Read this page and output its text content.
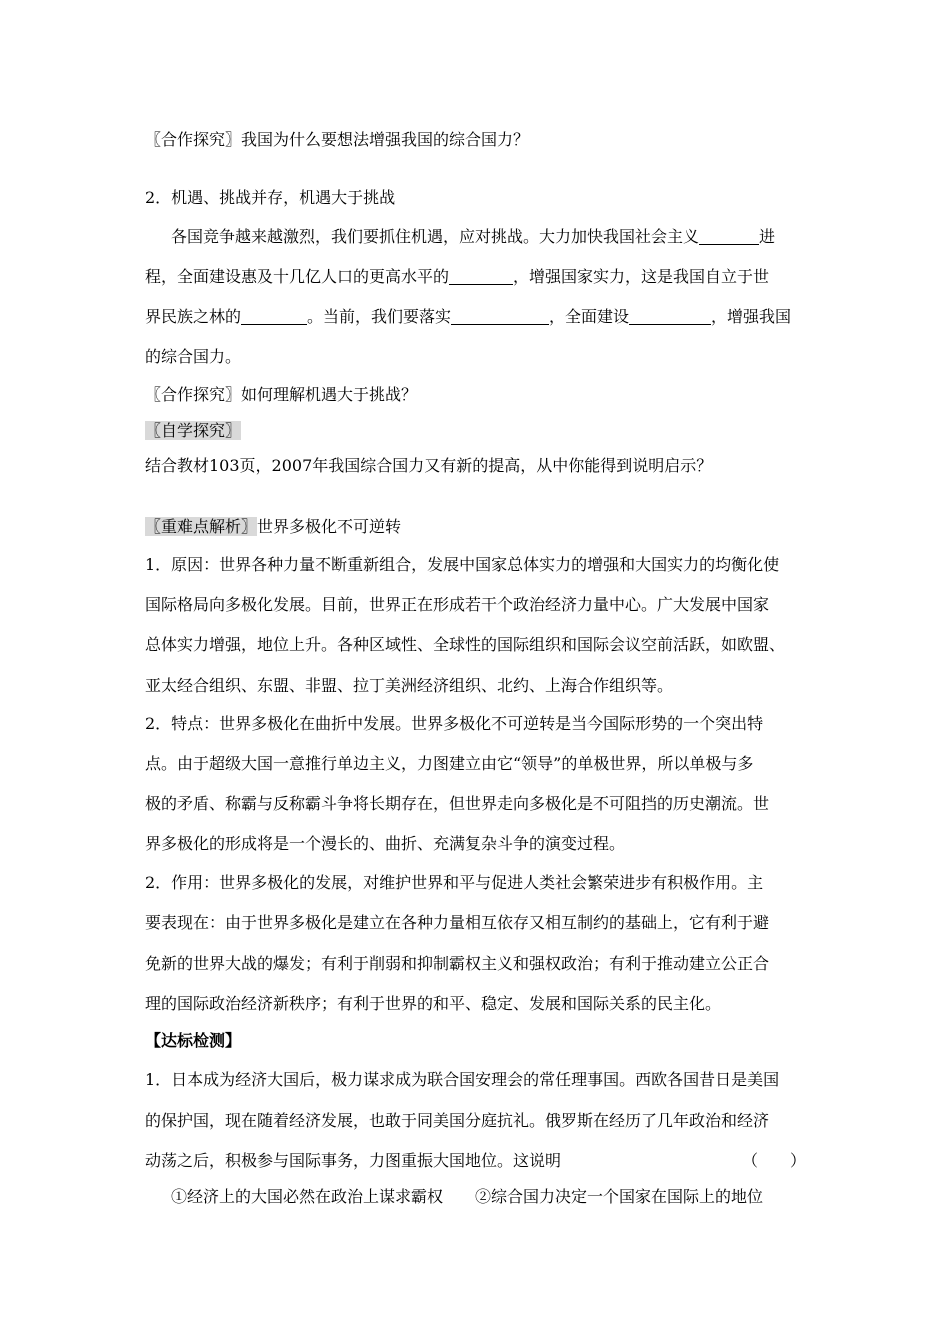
〖合作探究〗我国为什么要想法增强我国的综合国力？
2．机遇、挑战并存，机遇大于挑战
各国竞争越来越激烈，我们要抓住机遇，应对挑战。大力加快我国社会主义	进
程，全面建设惠及十几亿人口的更高水平的	，增强国家实力，这是我国自立于世
界民族之林的	。当前，我们要落实	，全面建设	，增强我国
的综合国力。
〖合作探究〗如何理解机遇大于挑战？
〖自学探究〗
结合教材103页，2007年我国综合国力又有新的提高，从中你能得到说明启示？
〖重难点解析〗世界多极化不可逆转
1．原因：世界各种力量不断重新组合，发展中国家总体实力的增强和大国实力的均衡化使
国际格局向多极化发展。目前，世界正在形成若干个政治经济力量中心。广大发展中国家
总体实力增强，地位上升。各种区域性、全球性的国际组织和国际会议空前活跃，如欧盟、
亚太经合组织、东盟、非盟、拉丁美洲经济组织、北约、上海合作组织等。
2．特点：世界多极化在曲折中发展。世界多极化不可逆转是当今国际形势的一个突出特
点。由于超级大国一意推行单边主义，力图建立由它“领导”的单极世界，所以单极与多
极的矛盾、称霸与反称霸斗争将长期存在，但世界走向多极化是不可阻挡的历史潮流。世
界多极化的形成将是一个漫长的、曲折、充满复杂斗争的演变过程。
2．作用：世界多极化的发展，对维护世界和平与促进人类社会繁荣进步有积极作用。主
要表现在：由于世界多极化是建立在各种力量相互依存又相互制约的基础上，它有利于避
免新的世界大战的爆发；有利于削弱和抑制霸权主义和强权政治；有利于推动建立公正合
理的国际政治经济新秩序；有利于世界的和平、稳定、发展和国际关系的民主化。
【达标检测】
1．日本成为经济大国后，极力谋求成为联合国安理会的常任理事国。西欧各国昔日是美国
的保护国，现在随着经济发展，也敢于同美国分庭抗礼。俄罗斯在经历了几年政治和经济
动荡之后，积极参与国际事务，力图重振大国地位。这说明	（　　）
①经济上的大国必然在政治上谋求霸权　　②综合国力决定一个国家在国际上的地位
